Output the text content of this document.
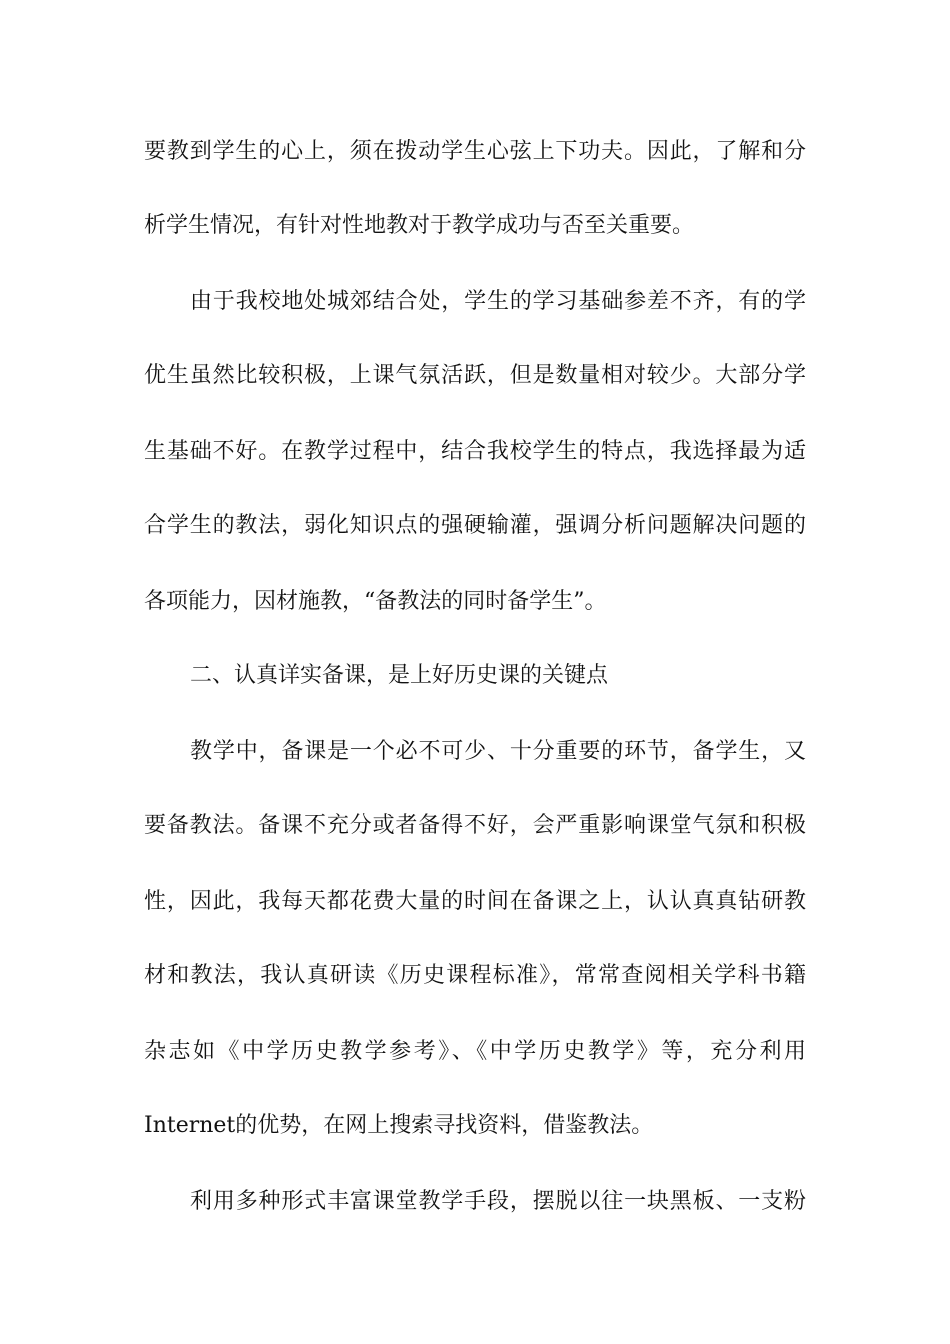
要教到学生的心上，须在拨动学生心弦上下功夫。因此，了解和分
析学生情况，有针对性地教对于教学成功与否至关重要。
由于我校地处城郊结合处，学生的学习基础参差不齐，有的学
优生虽然比较积极，上课气氛活跃，但是数量相对较少。大部分学
生基础不好。在教学过程中，结合我校学生的特点，我选择最为适
合学生的教法，弱化知识点的强硬输灌，强调分析问题解决问题的
各项能力，因材施教，“备教法的同时备学生”。
二、认真详实备课，是上好历史课的关键点
教学中，备课是一个必不可少、十分重要的环节，备学生，又
要备教法。备课不充分或者备得不好，会严重影响课堂气氛和积极
性，因此，我每天都花费大量的时间在备课之上，认认真真钻研教
材和教法，我认真研读《历史课程标准》，常常查阅相关学科书籍
杂志如《中学历史教学参考》、《中学历史教学》等，充分利用
Internet的优势，在网上搜索寻找资料，借鉴教法。
利用多种形式丰富课堂教学手段，摆脱以往一块黑板、一支粉
